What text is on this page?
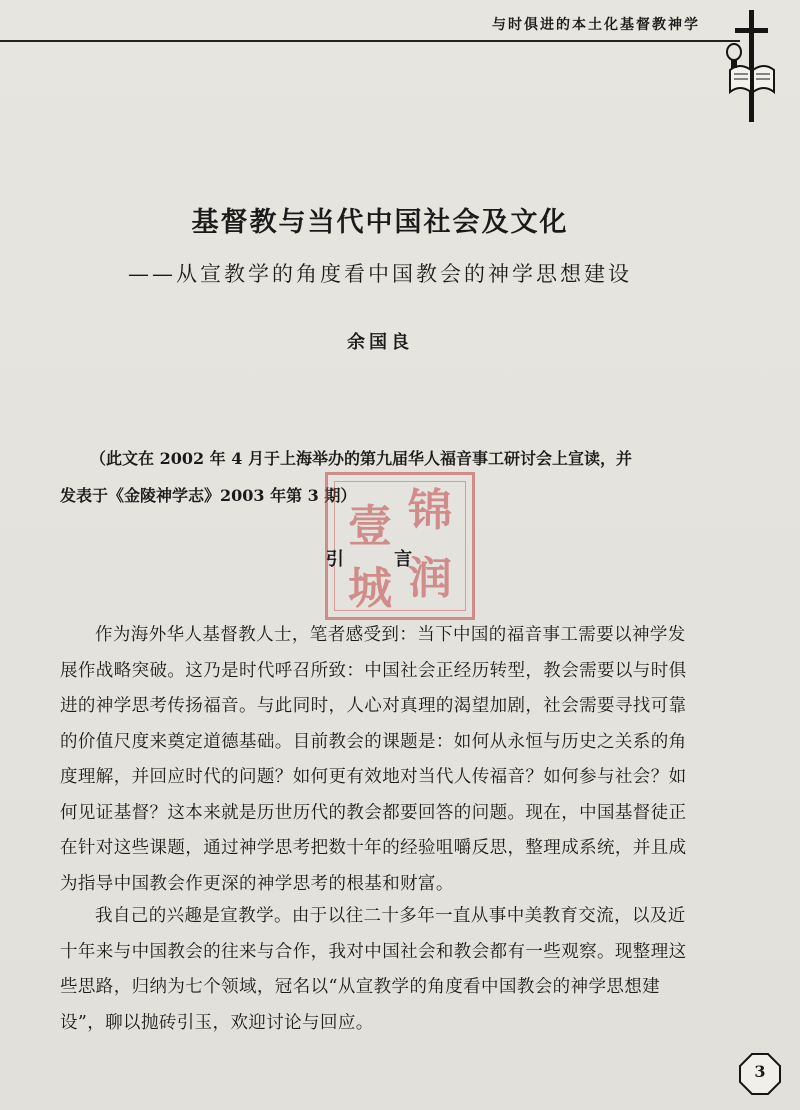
与时俱进的本土化基督教神学
基督教与当代中国社会及文化
——从宣教学的角度看中国教会的神学思想建设
余国良
（此文在 2002 年 4 月于上海举办的第九届华人福音事工研讨会上宣读，并
发表于《金陵神学志》2003 年第 3 期）	锦
润
壹
城
引 言
作为海外华人基督教人士，笔者感受到：当下中国的福音事工需要以神学发
展作战略突破。这乃是时代呼召所致：中国社会正经历转型，教会需要以与时俱
进的神学思考传扬福音。与此同时，人心对真理的渴望加剧，社会需要寻找可靠
的价值尺度来奠定道德基础。目前教会的课题是：如何从永恒与历史之关系的角
度理解，并回应时代的问题？如何更有效地对当代人传福音？如何参与社会？如
何见证基督？这本来就是历世历代的教会都要回答的问题。现在，中国基督徒正
在针对这些课题，通过神学思考把数十年的经验咀嚼反思，整理成系统，并且成
为指导中国教会作更深的神学思考的根基和财富。
我自己的兴趣是宣教学。由于以往二十多年一直从事中美教育交流，以及近
十年来与中国教会的往来与合作，我对中国社会和教会都有一些观察。现整理这
些思路，归纳为七个领域，冠名以“从宣教学的角度看中国教会的神学思想建
设”，聊以抛砖引玉，欢迎讨论与回应。
3
